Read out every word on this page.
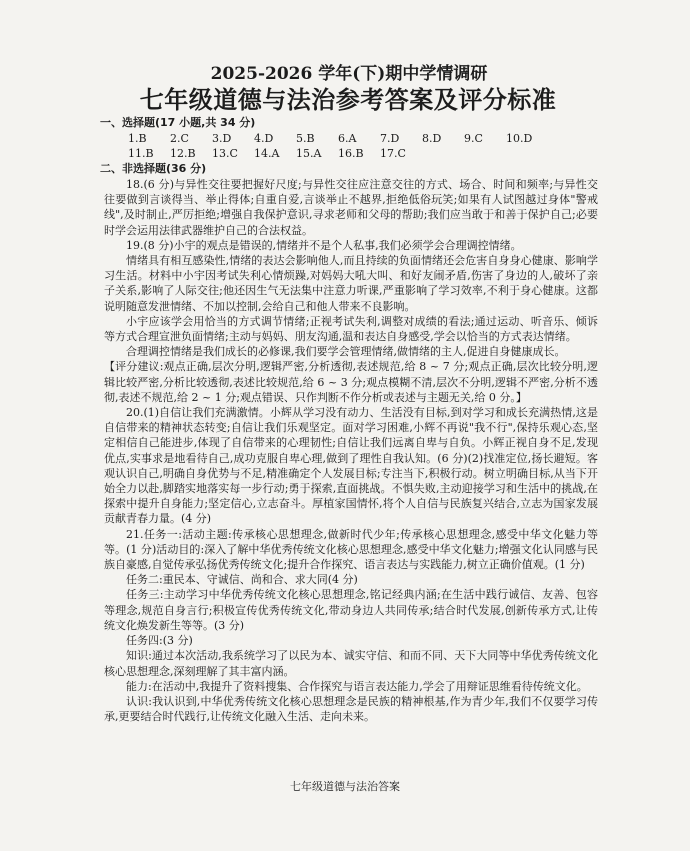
2025-2026 学年(下)期中学情调研
七年级道德与法治参考答案及评分标准
一、选择题(17 小题,共 34 分)
1.B	2.C	3.D	4.D	5.B	6.A	7.D	8.D	9.C	10.D
11.B	12.B	13.C	14.A	15.A	16.B	17.C
二、非选择题(36 分)

18.(6 分)与异性交往要把握好尺度;与异性交往应注意交往的方式、场合、时间和频率;与异性交往要做到言谈得当、举止得体;自重自爱,言谈举止不越界,拒绝低俗玩笑;如果有人试图越过身体"警戒线",及时制止,严厉拒绝;增强自我保护意识,寻求老师和父母的帮助;我们应当敢于和善于保护自己;必要时学会运用法律武器维护自己的合法权益。

19.(8 分)小宇的观点是错误的,情绪并不是个人私事,我们必须学会合理调控情绪。

情绪具有相互感染性,情绪的表达会影响他人,而且持续的负面情绪还会危害自身身心健康、影响学习生活。材料中小宇因考试失利心情烦躁,对妈妈大吼大叫、和好友闹矛盾,伤害了身边的人,破坏了亲子关系,影响了人际交往;他还因生气无法集中注意力听课,严重影响了学习效率,不利于身心健康。这都说明随意发泄情绪、不加以控制,会给自己和他人带来不良影响。

小宇应该学会用恰当的方式调节情绪;正视考试失利,调整对成绩的看法;通过运动、听音乐、倾诉等方式合理宣泄负面情绪;主动与妈妈、朋友沟通,温和表达自身感受,学会以恰当的方式表达情绪。

合理调控情绪是我们成长的必修课,我们要学会管理情绪,做情绪的主人,促进自身健康成长。

【评分建议:观点正确,层次分明,逻辑严密,分析透彻,表述规范,给 8 ~ 7 分;观点正确,层次比较分明,逻辑比较严密,分析比较透彻,表述比较规范,给 6 ~ 3 分;观点模糊不清,层次不分明,逻辑不严密,分析不透彻,表述不规范,给 2 ~ 1 分;观点错误、只作判断不作分析或表述与主题无关,给 0 分。】

20.(1)自信让我们充满激情。小辉从学习没有动力、生活没有目标,到对学习和成长充满热情,这是自信带来的精神状态转变;自信让我们乐观坚定。面对学习困难,小辉不再说"我不行",保持乐观心态,坚定相信自己能进步,体现了自信带来的心理韧性;自信让我们远离自卑与自负。小辉正视自身不足,发现优点,实事求是地看待自己,成功克服自卑心理,做到了理性自我认知。(6 分)(2)找准定位,扬长避短。客观认识自己,明确自身优势与不足,精准确定个人发展目标;专注当下,积极行动。树立明确目标,从当下开始全力以赴,脚踏实地落实每一步行动;勇于探索,直面挑战。不惧失败,主动迎接学习和生活中的挑战,在探索中提升自身能力;坚定信心,立志奋斗。厚植家国情怀,将个人自信与民族复兴结合,立志为国家发展贡献青春力量。(4 分)

21.任务一:活动主题:传承核心思想理念,做新时代少年;传承核心思想理念,感受中华文化魅力等等。(1 分)活动目的:深入了解中华优秀传统文化核心思想理念,感受中华文化魅力;增强文化认同感与民族自豪感,自觉传承弘扬优秀传统文化;提升合作探究、语言表达与实践能力,树立正确价值观。(1 分)

任务二:重民本、守诚信、尚和合、求大同(4 分)

任务三:主动学习中华优秀传统文化核心思想理念,铭记经典内涵;在生活中践行诚信、友善、包容等理念,规范自身言行;积极宣传优秀传统文化,带动身边人共同传承;结合时代发展,创新传承方式,让传统文化焕发新生等等。(3 分)

任务四:(3 分)

知识:通过本次活动,我系统学习了以民为本、诚实守信、和而不同、天下大同等中华优秀传统文化核心思想理念,深刻理解了其丰富内涵。

能力:在活动中,我提升了资料搜集、合作探究与语言表达能力,学会了用辩证思维看待传统文化。

认识:我认识到,中华优秀传统文化核心思想理念是民族的精神根基,作为青少年,我们不仅要学习传承,更要结合时代践行,让传统文化融入生活、走向未来。

七年级道德与法治答案
